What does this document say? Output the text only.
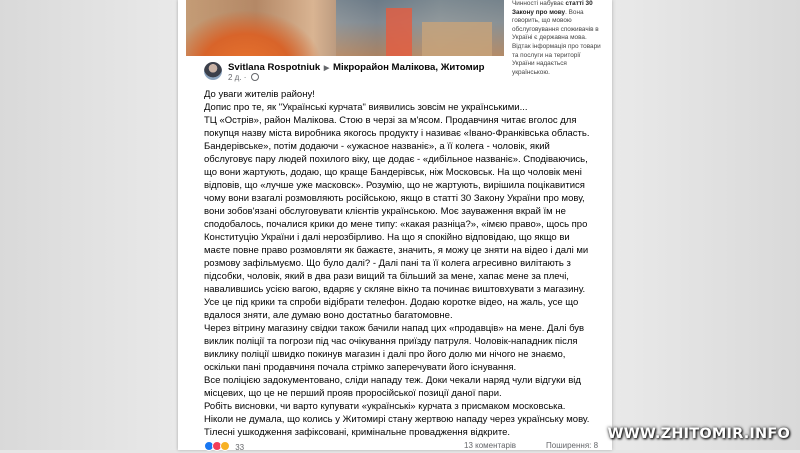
Чинності набуває статті 30 Закону про мову. Вона говорить, що мовою обслуговування споживачів в Україні є державна мова. Відтак інформація про товари та послуги на території України надається українською.
Svitlana Rospotniuk ▶ Мікрорайон Малікова, Житомир
2 д. ·

До уваги жителів району!

Допис про те, як "Українські курчата" виявились зовсім не українськими...

ТЦ «Острів», район Малікова. Стою в черзі за м'ясом. Продавчиня читає вголос для покупця назву міста виробника якогось продукту і називає «Івано-Франківська область. Бандерівське», потім додаючи - «ужасное названіє», а її колега - чоловік, який обслуговує пару людей похилого віку, ще додає - «дибільное названіє». Сподіваючись, що вони жартують, додаю, що краще Бандерівськ, ніж Московськ. На що чоловік мені відповів, що «лучше уже масковск». Розумію, що не жартують, вирішила поцікавитися чому вони взагалі розмовляють російською, якщо в статті 30 Закону України про мову, вони зобов'язані обслуговувати клієнтів українською. Моє зауваження вкрай їм не сподобалось, почалися крики до мене типу: «какая разніца?», «імєю право», щось про Конституцію України і далі нерозбірливо. На що я спокійно відповідаю, що якщо ви маєте повне право розмовляти як бажаєте, значить, я можу це зняти на відео і далі ми розмову зафільмуємо. Що було далі? - Далі пані та її колега агресивно вилітають з підсобки, чоловік, який в два рази вищий та більший за мене, хапає мене за плечі, навалившись усією вагою, вдаряє у скляне вікно та починає виштовхувати з магазину. Усе це під крики та спроби відібрати телефон. Додаю коротке відео, на жаль, усе що вдалося зняти, але думаю воно достатньо багатомовне.

Через вітрину магазину свідки також бачили напад цих «продавців» на мене. Далі був виклик поліції та погрози під час очікування приїзду патруля. Чоловік-нападник після виклику поліції швидко покинув магазин і далі про його долю ми нічого не знаємо, оскільки пані продавчиня почала стрімко заперечувати його існування.

Все поліцією задокументовано, сліди нападу теж. Доки чекали наряд чули відгуки від місцевих, що це не перший прояв проросійської позиції даної пари.

Робіть висновки, чи варто купувати «українські» курчата з присмаком московська.

Ніколи не думала, що колись у Житомирі стану жертвою нападу через українську мову.

Тілесні ушкодження зафіксовані, кримінальне провадження відкрите.

33	13 коментарів	Поширення: 8
WWW.ZHITOMIR.INFO
